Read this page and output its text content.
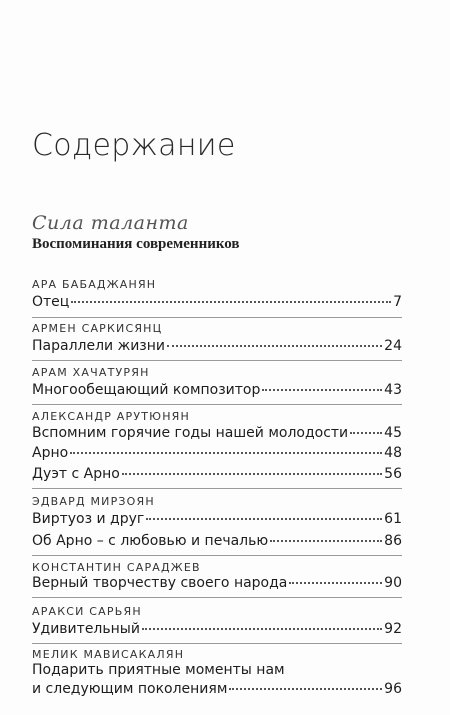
Содержание
Сила таланта
Воспоминания современников
АРА БАБАДЖАНЯН
Отец	7
АРМЕН САРКИСЯНЦ
Параллели жизни	24
АРАМ ХАЧАТУРЯН
Многообещающий композитор	43
АЛЕКСАНДР АРУТЮНЯН
Вспомним горячие годы нашей молодости	45
Арно	48
Дуэт с Арно	56
ЭДВАРД МИРЗОЯН
Виртуоз и друг	61
Об Арно – с любовью и печалью	86
КОНСТАНТИН САРАДЖЕВ
Верный творчеству своего народа	90
АРАКСИ САРЬЯН
Удивительный	92
МЕЛИК МАВИСАКАЛЯН
Подарить приятные моменты нам
и следующим поколениям	96
